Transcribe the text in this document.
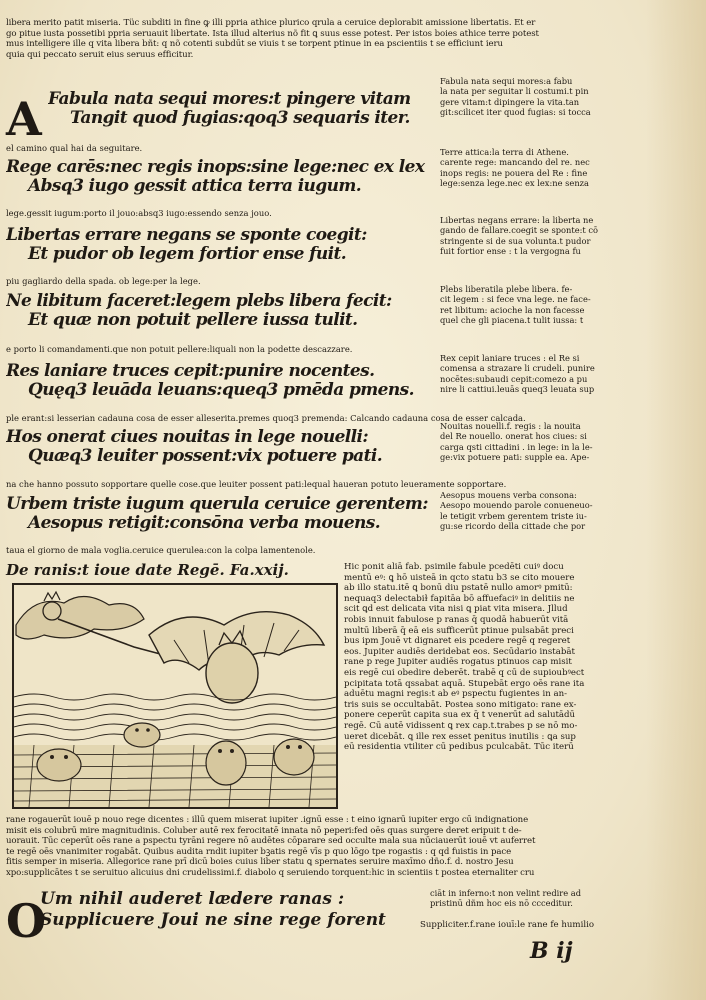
libera merito patit miseria. Tüc subditi in fine ꝙ illi ppria athice plurico qrula a ceruice deplorabit amissione libertatis. Et er
go pitue iusta possetibi ppria seruauit libertate. Ista illud alterius nõ fit ꝗ suus esse potest. Per istos boies athice terre potest
mus intelligere ille q vita libera bñt: q nõ cotenti subdūt se viuis t se torpent ptinue in ea pscientiis t se efficiunt ieru
quia qui peccato seruit eius seruus efficitur.
A Fabula nata sequi mores:t pingere vitam
Tangit quod fugias:qoq3 sequaris iter.
el camino qual hai da seguitare.
Rege carēs:nec regis inops:sine lege:nec ex lex
Absq3 iugo gessit attica terra iugum.
lege.gessit iugum:porto il jouo:absq3 iugo:essendo senza jouo.
Libertas errare negans se sponte coegit:
Et pudor ob legem fortior ense fuit.
piu gagliardo della spada. ob lege:per la lege.
Ne libitum faceret:legem plebs libera fecit:
Et quæ non potuit pellere iussa tulit.
e porto li comandamenti.que non potuit pellere:liquali non la podette descazzare.
Res laniare truces cepit:punire nocentes.
Quęq3 leuāda leuans:queq3 pmēda pmens.
ple erant:si lesserian cadauna cosa de esser alleserita.premes quoq3 premenda: Calcando cadauna cosa de esser calcada.
Hos onerat ciues nouitas in lege nouelli:
Quæq3 leuiter possent:vix potuere pati.
na che hanno possuto sopportare quelle cose.que leuiter possent pati:lequal haueran potuto leueramente sopportare.
Urbem triste iugum querula ceruice gerentem:
Aesopus retigit:consōna verba mouens.
taua el giorno de mala voglia.ceruice querulea:con la colpa lamentenole.
Fabula nata sequi mores:a fabu
la nata per seguitar li costumi.t pin
gere vitam:t dipingere la vita.tan
git:scilicet iter quod fugias: si tocca
Terre attica:la terra di Athene.
carente rege: mancando del re. nec
inops regis: ne pouera del Re : fine
lege:senza lege.nec ex lex:ne senza
Libertas negans errare: la liberta ne
gando de fallare.coegit se sponte:t cō
stringente si de sua volunta.t pudor
fuit fortior ense : t la vergogna fu
Plebs liberatila plebe libera. fe-
cit legem : si fece vna lege. ne face-
ret libitum: acioche la non facesse
quel che gli piacena.t tulit iussa: t
Rex cepit laniare truces : el Re si
comensa a strazare li crudeli. punire
nocētes:subaudi cepit:comezo a pu
nire li cattiui.leuās queq3 leuata sup
Nouitas nouelli.f. regis : la nouita
del Re nouello. onerat hos ciues: si
carga qsti cittadini . in lege: in la le-
ge:vix potuere pati: supple ea. Ape-
Aesopus mouens verba consona:
Aesopo mouendo parole conueneuo-
le tetigit vrbem gerentem triste iu-
gu:se ricordo della cittade che por
De ranis:t ioue date Regē. Fa.xxij.	Hic ponit aliā fab. psimile fabule pcedēti cuiꝰ docu
mentū eꝰ: ꝗ hō uisteā in qcto statu ḃ3 se cito mouere
ab illo statu.itē ꝗ bonū diu pstatē nullo amorꝰ pmitū:
nequaq3 delectabiɫ fapitāa bō affuefaciꝰ in delitiis ne
scit ꝗd est delicata vita nisi ꝗ piat vita misera. Jllud
robis innuit fabulose p ranas q̄ quodā habuerūt vitā
multū liberā q̄ eā eis sufficerūt ptinue pulsabāt preci
bus ipm Jouē vt dignaret eis pcedere regē q regeret
eos. Jupiter audiēs deridebat eos. Secūdario instabāt
rane p rege Jupiter audiēs rogatus ptinuos cap misit
eis regē cui obedire deberēt. trabē q cū de supioubꝰect
pcipitata totā qssabat aquā. Stupebāt ergo oēs rane ita
aduētu magni regis:t ab eꝰ pspectu fugientes in an-
tris suis se occultabāt. Postea sono mitigato: rane ex-
ponere ceperūt capita sua ex q̄ t venerūt ad salutādū
regē. Cū autē vidissent ꝗ rex cap.t.trabes p se nō mo-
ueret dicebāt. ꝗ ille rex esset penitus inutilis : ꝗa sup
eū residentia vtiliter cū pedibus pculcabāt. Tūc iterū
rane rogauerūt iouē p nouo rege dicentes : illū quem miserat iupiter .ignū esse : t eino ignarū iupiter ergo cū indignatione
misit eis colubrū mire magnitudinis. Coluber autē rex ferocitatē innata nō peperi:fed oēs quas surgere deret eripuit t de-
uorauit. Tūc ceperūt oēs rane a pspectu tyrāni regere nō audētes cōparare sed occulte mala sua nūciauerūt iouē vt auferret
te regē oēs vnanimiter rogabāt. Quibus audita rndit iupiter bꝫatis regē vīs p quo lōgo tpe rogastis : q qd fuistis in pace
fitis semper in miseria. Allegorice rane prī dicū boies cuius liber statu ꝗ spernates seruire maxīmo dño.f. d. nostro Jesu
xpo:supplicātes t se seruituo alicuius dni crudelissimi.f. diabolo q seruiendo torquent:hic in scientiis t postea eternaliter cru
O
Um nihil auderet lædere ranas :
Supplicuere Joui ne sine rege forent
ciāt in inferno:t non velint redire ad
pristinū dñm hoc eis nō ccceditur.
Suppliciter.f.rane iouī:le rane fe humilio
B ij
